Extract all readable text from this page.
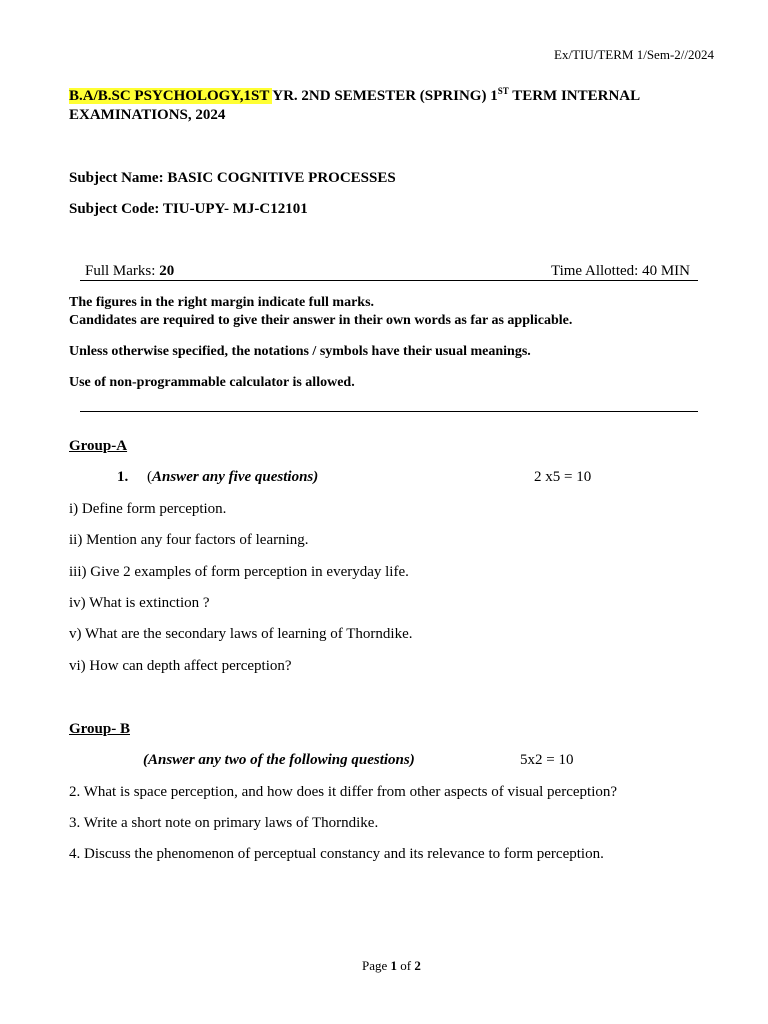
Ex/TIU/TERM 1/Sem-2//2024
B.A/B.SC PSYCHOLOGY,1ST YR. 2ND SEMESTER (SPRING) 1ST TERM INTERNAL
EXAMINATIONS, 2024
Subject Name: BASIC COGNITIVE PROCESSES
Subject Code: TIU-UPY- MJ-C12101
Full Marks: 20	Time Allotted: 40 MIN
The figures in the right margin indicate full marks.
Candidates are required to give their answer in their own words as far as applicable.
Unless otherwise specified, the notations / symbols have their usual meanings.
Use of non-programmable calculator is allowed.
Group-A
1. (Answer any five questions)	2 x5 = 10
i) Define form perception.
ii) Mention any four factors of learning.
iii) Give 2 examples of form perception in everyday life.
iv) What is extinction ?
v) What are the secondary laws of learning of Thorndike.
vi) How can depth affect perception?
Group- B
(Answer any two of the following questions)	5x2 = 10
2. What is space perception, and how does it differ from other aspects of visual perception?
3. Write a short note on primary laws of Thorndike.
4. Discuss the phenomenon of perceptual constancy and its relevance to form perception.
Page 1 of 2
